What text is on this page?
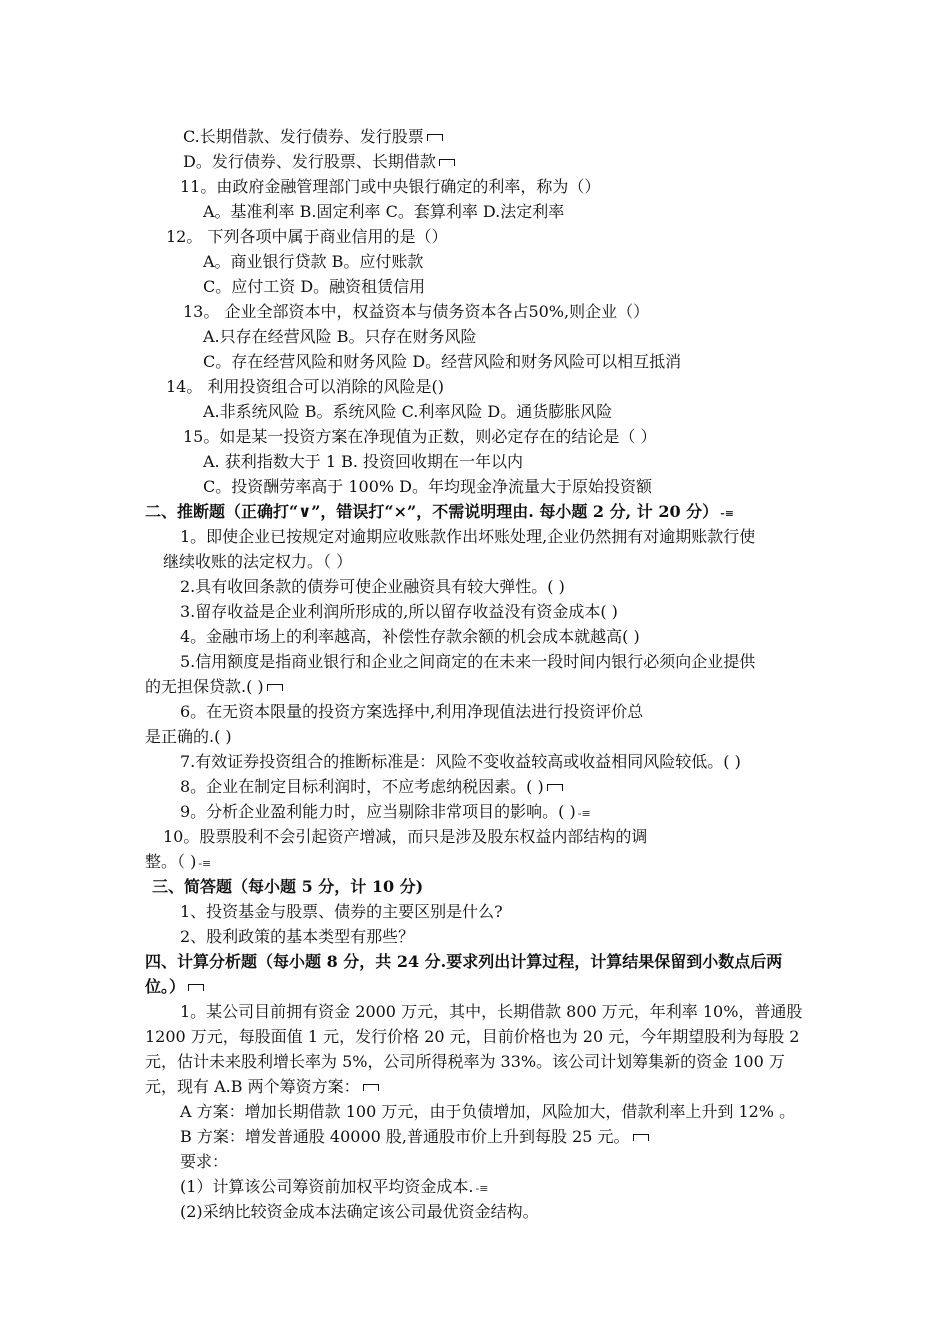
C.长期借款、发行债券、发行股票
D。发行债券、发行股票、长期借款
11。由政府金融管理部门或中央银行确定的利率，称为（）
A。基准利率 B.固定利率 C。套算利率 D.法定利率
12。 下列各项中属于商业信用的是（）
A。商业银行贷款 B。应付账款
C。应付工资 D。融资租赁信用
13。 企业全部资本中，权益资本与债务资本各占50%,则企业（）
A.只存在经营风险 B。只存在财务风险
C。存在经营风险和财务风险 D。经营风险和财务风险可以相互抵消
14。 利用投资组合可以消除的风险是()
A.非系统风险 B。系统风险 C.利率风险 D。通货膨胀风险
15。如是某一投资方案在净现值为正数，则必定存在的结论是（ ）
A. 获利指数大于 1 B. 投资回收期在一年以内
C。投资酬劳率高于 100% D。年均现金净流量大于原始投资额
二、推断题（正确打“∨”，错误打“×”，不需说明理由. 每小题 2 分, 计 20 分） -≡
1。即使企业已按规定对逾期应收账款作出坏账处理,企业仍然拥有对逾期账款行使
继续收账的法定权力。（ ）
2.具有收回条款的债券可使企业融资具有较大弹性。( )
3.留存收益是企业利润所形成的,所以留存收益没有资金成本( )
4。金融市场上的利率越高，补偿性存款余额的机会成本就越高( )
5.信用额度是指商业银行和企业之间商定的在未来一段时间内银行必须向企业提供
的无担保贷款.( )
6。在无资本限量的投资方案选择中,利用净现值法进行投资评价总
是正确的.( )
7.有效证券投资组合的推断标准是：风险不变收益较高或收益相同风险较低。( )
8。企业在制定目标利润时，不应考虑纳税因素。( )
9。分析企业盈利能力时，应当剔除非常项目的影响。( ) -≡
10。股票股利不会引起资产增减，而只是涉及股东权益内部结构的调
整。（ ) -≡
三、简答题（每小题 5 分，计 10 分)
1、投资基金与股票、债券的主要区别是什么?
2、股利政策的基本类型有那些？
四、计算分析题（每小题 8 分，共 24 分.要求列出计算过程，计算结果保留到小数点后两
位。）
1。某公司目前拥有资金 2000 万元，其中，长期借款 800 万元，年利率 10%，普通股
1200 万元，每股面值 1 元，发行价格 20 元，目前价格也为 20 元，今年期望股利为每股 2
元，估计未来股利增长率为 5%，公司所得税率为 33%。该公司计划筹集新的资金 100 万
元，现有 A.B 两个筹资方案：
A 方案：增加长期借款 100 万元，由于负债增加，风险加大，借款利率上升到 12% 。
B 方案：增发普通股 40000 股,普通股市价上升到每股 25 元。
要求：
(1）计算该公司筹资前加权平均资金成本. -≡
(2)采纳比较资金成本法确定该公司最优资金结构。
